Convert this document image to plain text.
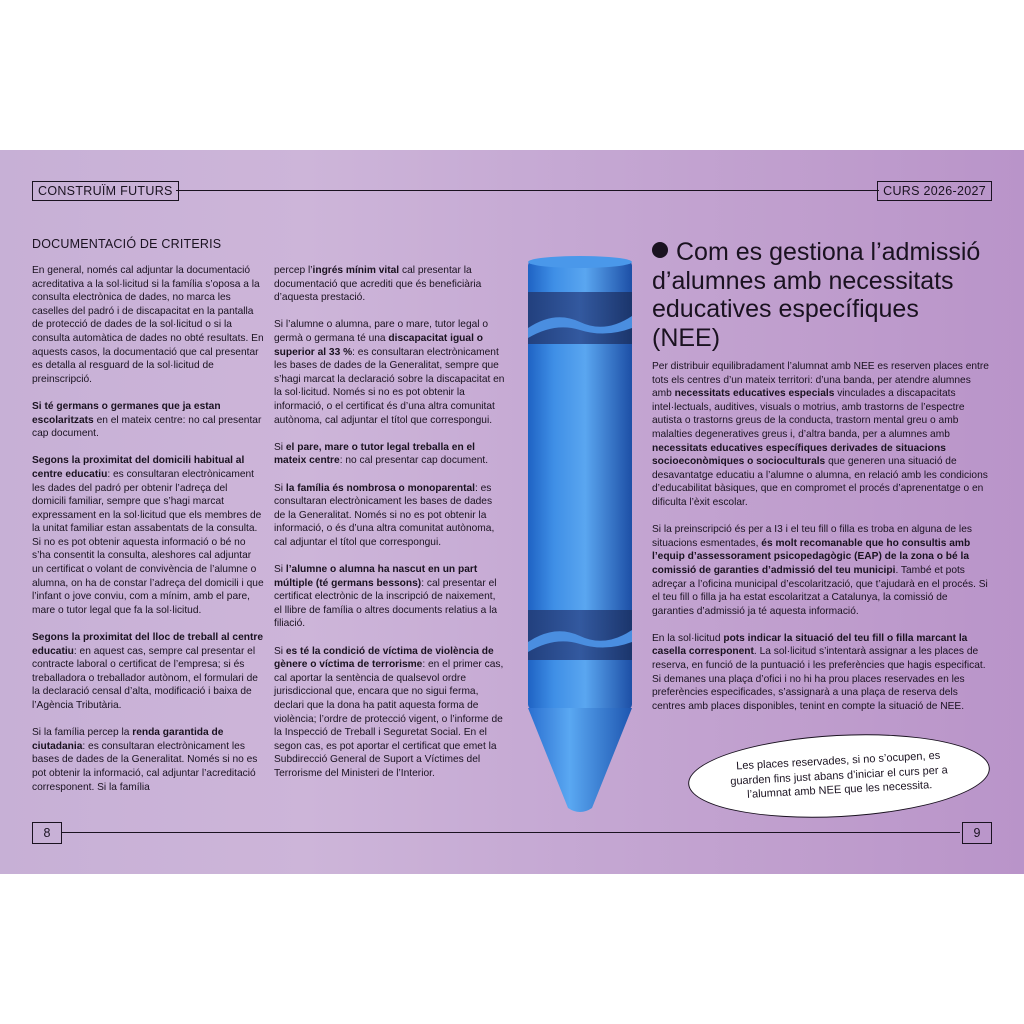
CONSTRUÏM FUTURS	CURS 2026-2027
DOCUMENTACIÓ DE CRITERIS

En general, només cal adjuntar la documentació acreditativa a la sol·licitud si la família s’oposa a la consulta electrònica de dades, no marca les caselles del padró i de discapacitat en la pantalla de protecció de dades de la sol·licitud o si la consulta automàtica de dades no obté resultats. En aquests casos, la documentació que cal presentar es detalla al resguard de la sol·licitud de preinscripció.

Si té germans o germanes que ja estan escolaritzats en el mateix centre: no cal presentar cap document.

Segons la proximitat del domicili habitual al centre educatiu: es consultaran electrònicament les dades del padró per obtenir l’adreça del domicili familiar, sempre que s’hagi marcat expressament en la sol·licitud que els membres de la unitat familiar estan assabentats de la consulta. Si no es pot obtenir aquesta informació o bé no s’ha consentit la consulta, aleshores cal adjuntar un certificat o volant de convivència de l’alumne o alumna, on ha de constar l’adreça del domicili i que l’infant o jove conviu, com a mínim, amb el pare, mare o tutor legal que fa la sol·licitud.

Segons la proximitat del lloc de treball al centre educatiu: en aquest cas, sempre cal presentar el contracte laboral o certificat de l’empresa; si és treballadora o treballador autònom, el formulari de la declaració censal d’alta, modificació i baixa de l’Agència Tributària.

Si la família percep la renda garantida de ciutadania: es consultaran electrònicament les bases de dades de la Generalitat. Només si no es pot obtenir la informació, cal adjuntar l’acreditació corresponent. Si la família

percep l’ingrés mínim vital cal presentar la documentació que acrediti que és beneficiària d’aquesta prestació.

Si l’alumne o alumna, pare o mare, tutor legal o germà o germana té una discapacitat igual o superior al 33 %: es consultaran electrònicament les bases de dades de la Generalitat, sempre que s’hagi marcat la declaració sobre la discapacitat en la sol·licitud. Només si no es pot obtenir la informació, o el certificat és d’una altra comunitat autònoma, cal adjuntar el títol que correspongui.

Si el pare, mare o tutor legal treballa en el mateix centre: no cal presentar cap document.

Si la família és nombrosa o monoparental: es consultaran electrònicament les bases de dades de la Generalitat. Només si no es pot obtenir la informació, o és d’una altra comunitat autònoma, cal adjuntar el títol que correspongui.

Si l’alumne o alumna ha nascut en un part múltiple (té germans bessons): cal presentar el certificat electrònic de la inscripció de naixement, el llibre de família o altres documents relatius a la filiació.

Si es té la condició de víctima de violència de gènere o víctima de terrorisme: en el primer cas, cal aportar la sentència de qualsevol ordre jurisdiccional que, encara que no sigui ferma, declari que la dona ha patit aquesta forma de violència; l’ordre de protecció vigent, o l’informe de la Inspecció de Treball i Seguretat Social. En el segon cas, es pot aportar el certificat que emet la Subdirecció General de Suport a Víctimes del Terrorisme del Ministeri de l’Interior.

Com es gestiona l’admissió d’alumnes amb necessitats educatives específiques (NEE)

Per distribuir equilibradament l’alumnat amb NEE es reserven places entre tots els centres d’un mateix territori: d’una banda, per atendre alumnes amb necessitats educatives especials vinculades a discapacitats intel·lectuals, auditives, visuals o motrius, amb trastorns de l’espectre autista o trastorns greus de la conducta, trastorn mental greu o amb malalties degeneratives greus i, d’altra banda, per a alumnes amb necessitats educatives específiques derivades de situacions socioeconòmiques o socioculturals que generen una situació de desavantatge educatiu a l’alumne o alumna, en relació amb les condicions d’educabilitat bàsiques, que en compromet el procés d’aprenentatge o en dificulta l’èxit escolar.

Si la preinscripció és per a I3 i el teu fill o filla es troba en alguna de les situacions esmentades, és molt recomanable que ho consultis amb l’equip d’assessorament psicopedagògic (EAP) de la zona o bé la comissió de garanties d’admissió del teu municipi. També et pots adreçar a l’oficina municipal d’escolarització, que t’ajudarà en el procés. Si el teu fill o filla ja ha estat escolaritzat a Catalunya, la comissió de garanties d’admissió ja té aquesta informació.

En la sol·licitud pots indicar la situació del teu fill o filla marcant la casella corresponent. La sol·licitud s’intentarà assignar a les places de reserva, en funció de la puntuació i les preferències que hagis especificat. Si demanes una plaça d’ofici i no hi ha prou places reservades en les preferències especificades, s’assignarà a una plaça de reserva dels centres amb places disponibles, tenint en compte la situació de NEE.

Les places reservades, si no s’ocupen, es guarden fins just abans d’iniciar el curs per a l’alumnat amb NEE que les necessita.
8	9
